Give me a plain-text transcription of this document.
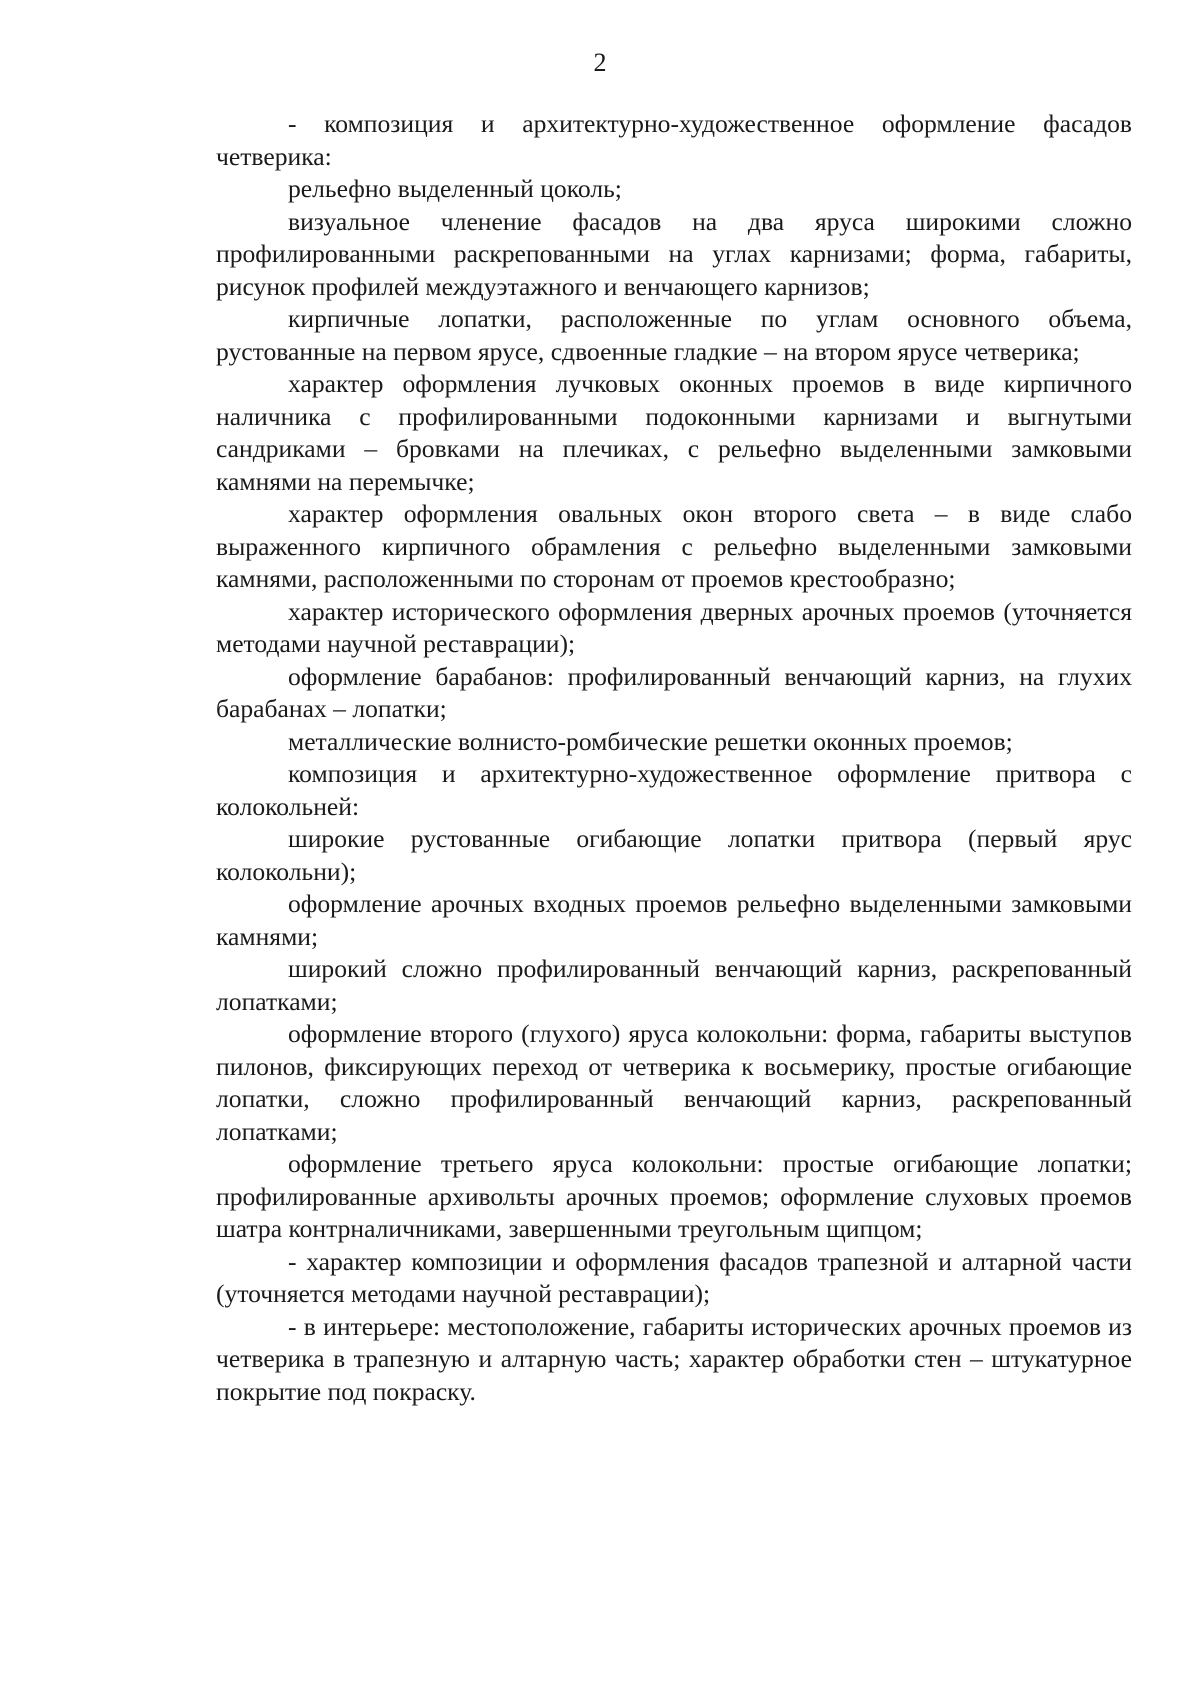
2

- композиция и архитектурно-художественное оформление фасадов четверика:

рельефно выделенный цоколь;

визуальное членение фасадов на два яруса широкими сложно профилированными раскрепованными на углах карнизами; форма, габариты, рисунок профилей междуэтажного и венчающего карнизов;

кирпичные лопатки, расположенные по углам основного объема, рустованные на первом ярусе, сдвоенные гладкие – на втором ярусе четверика;

характер оформления лучковых оконных проемов в виде кирпичного наличника с профилированными подоконными карнизами и выгнутыми сандриками – бровками на плечиках, с рельефно выделенными замковыми камнями на перемычке;

характер оформления овальных окон второго света – в виде слабо выраженного кирпичного обрамления с рельефно выделенными замковыми камнями, расположенными по сторонам от проемов крестообразно;

характер исторического оформления дверных арочных проемов (уточняется методами научной реставрации);

оформление барабанов: профилированный венчающий карниз, на глухих барабанах – лопатки;

металлические волнисто-ромбические решетки оконных проемов;

композиция и архитектурно-художественное оформление притвора с колокольней:

широкие рустованные огибающие лопатки притвора (первый ярус колокольни);

оформление арочных входных проемов рельефно выделенными замковыми камнями;

широкий сложно профилированный венчающий карниз, раскрепованный лопатками;

оформление второго (глухого) яруса колокольни: форма, габариты выступов пилонов, фиксирующих переход от четверика к восьмерику, простые огибающие лопатки, сложно профилированный венчающий карниз, раскрепованный лопатками;

оформление третьего яруса колокольни: простые огибающие лопатки; профилированные архивольты арочных проемов; оформление слуховых проемов шатра контрналичниками, завершенными треугольным щипцом;

- характер композиции и оформления фасадов трапезной и алтарной части (уточняется методами научной реставрации);

- в интерьере: местоположение, габариты исторических арочных проемов из четверика в трапезную и алтарную часть; характер обработки стен – штукатурное покрытие под покраску.
